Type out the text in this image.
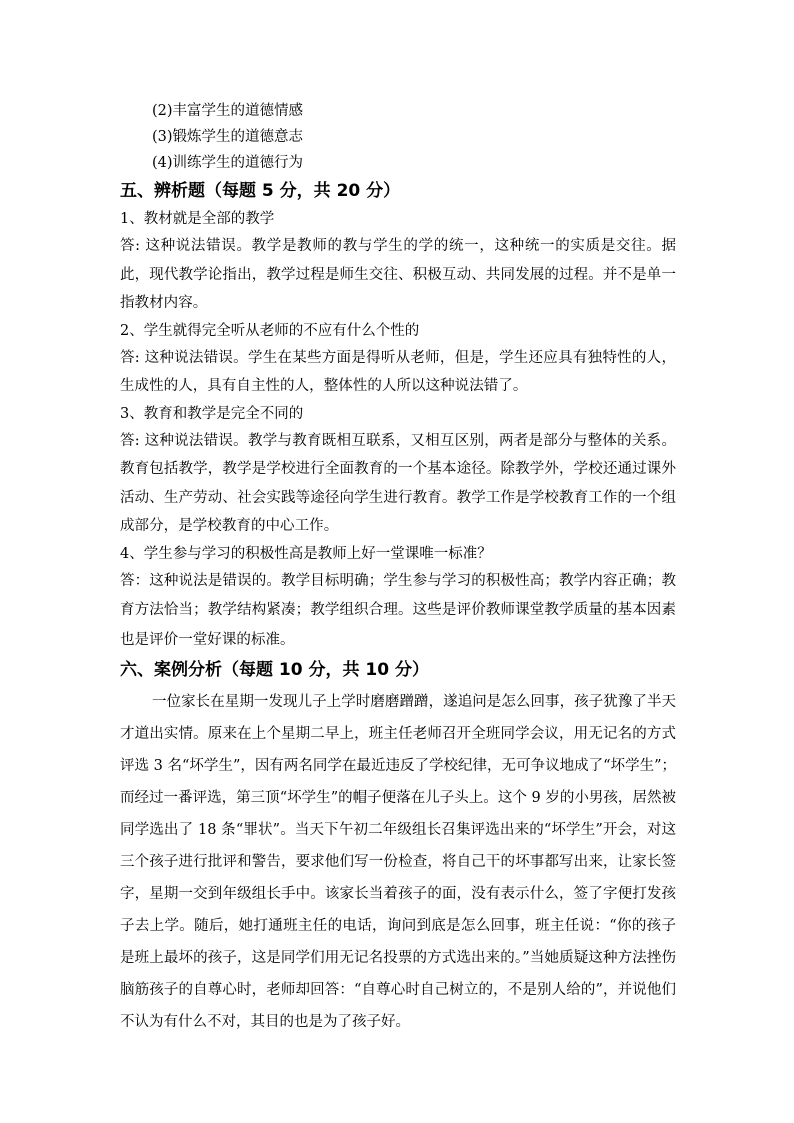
(2)丰富学生的道德情感
(3)锻炼学生的道德意志
(4)训练学生的道德行为
五、辨析题（每题 5 分，共 20 分）
1、教材就是全部的教学
答: 这种说法错误。教学是教师的教与学生的学的统一，这种统一的实质是交往。据此，现代教学论指出，教学过程是师生交往、积极互动、共同发展的过程。并不是单一指教材内容。
2、学生就得完全听从老师的不应有什么个性的
答: 这种说法错误。学生在某些方面是得听从老师，但是，学生还应具有独特性的人，生成性的人，具有自主性的人，整体性的人所以这种说法错了。
3、教育和教学是完全不同的
答: 这种说法错误。教学与教育既相互联系，又相互区别，两者是部分与整体的关系。教育包括教学，教学是学校进行全面教育的一个基本途径。除教学外，学校还通过课外活动、生产劳动、社会实践等途径向学生进行教育。教学工作是学校教育工作的一个组成部分，是学校教育的中心工作。
4、学生参与学习的积极性高是教师上好一堂课唯一标准？
答：这种说法是错误的。教学目标明确；学生参与学习的积极性高；教学内容正确；教育方法恰当；教学结构紧凑；教学组织合理。这些是评价教师课堂教学质量的基本因素也是评价一堂好课的标准。
六、案例分析（每题 10 分，共 10 分）
一位家长在星期一发现儿子上学时磨磨蹭蹭，遂追问是怎么回事，孩子犹豫了半天才道出实情。原来在上个星期二早上，班主任老师召开全班同学会议，用无记名的方式评选 3 名“坏学生”，因有两名同学在最近违反了学校纪律，无可争议地成了“坏学生”；而经过一番评选，第三顶“坏学生”的帽子便落在儿子头上。这个 9 岁的小男孩，居然被同学选出了 18 条“罪状”。当天下午初二年级组长召集评选出来的“坏学生”开会，对这三个孩子进行批评和警告，要求他们写一份检查，将自己干的坏事都写出来，让家长签字，星期一交到年级组长手中。该家长当着孩子的面，没有表示什么，签了字便打发孩子去上学。随后，她打通班主任的电话，询问到底是怎么回事，班主任说：“你的孩子是班上最坏的孩子，这是同学们用无记名投票的方式选出来的。”当她质疑这种方法挫伤脑筋孩子的自尊心时，老师却回答：“自尊心时自己树立的，不是别人给的”，并说他们不认为有什么不对，其目的也是为了孩子好。
